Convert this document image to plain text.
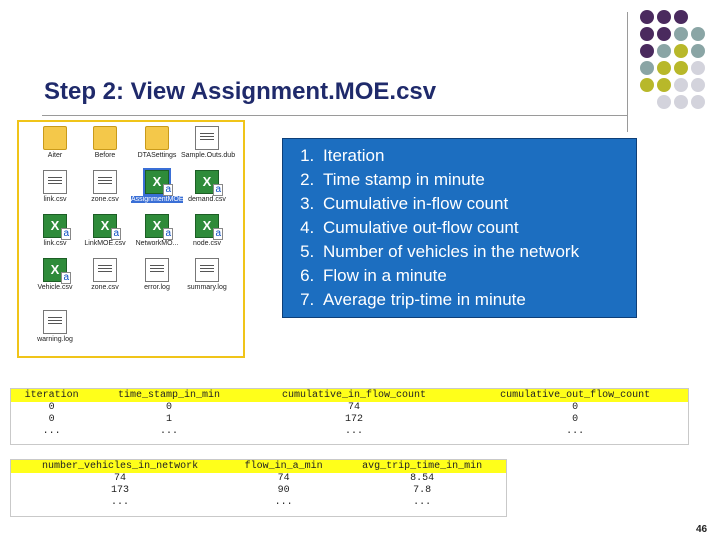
Step 2: View Assignment.MOE.csv
Aiter	Before	DTASettings Sample.Outs.dub
link.csv	zone.csv
X a
AssignmentMOE.csv
X a
demand.csv
X a
link.csv
X a
LinkMOE.csv
X a
NetworkMO...
X a
node.csv
X a
Vehicle.csv	zone.csv	error.log	summary.log
warning.log
1. Iteration
2. Time stamp in minute
3. Cumulative in-flow count
4. Cumulative out-flow count
5. Number of vehicles in the network
6. Flow in a minute
7. Average trip-time in minute
iteration	time_stamp_in_min	cumulative_in_flow_count	cumulative_out_flow_count
0	0	74	0
0	1	172	0
...	...	...	...
number_vehicles_in_network	flow_in_a_min	avg_trip_time_in_min
74	74	8.54
173	90	7.8
...	...	...
46
